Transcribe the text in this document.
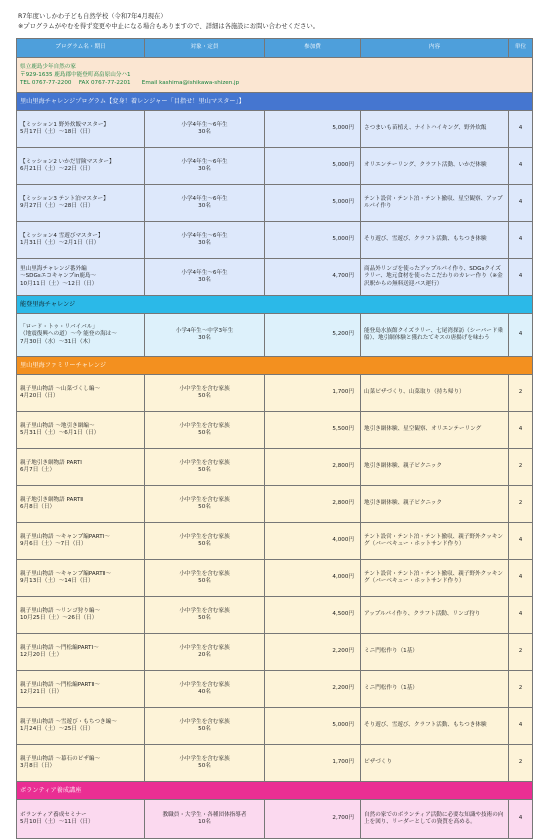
R7年度いしかわ子ども自然学校（令和7年4月現在）
※プログラムがやむを得ず変更や中止になる場合もありますので、詳細は各施設にお問い合わせください。
プログラム名・期日	対象・定員	参加費	内容	単位

県立鹿島少年自然の家
〒929-1635 鹿島郡中能登町髙畠原山分ハ1
TEL 0767-77-2200　 FAX 0767-77-2201　　Email kashima@ishikawa-shizen.jp				

里山里海チャレンジプログラム【変身！着レンジャー「目指せ！里山マスター」】				

【ミッション1 野外炊飯マスター】
5月17日（土）～18日（日）	小学4年生～6年生
30名	5,000円	さつまいも苗植え、ナイトハイキング、野外炊飯	4

【ミッション2 いかだ冒険マスター】
6月21日（土）～22日（日）	小学4年生～6年生
30名	5,000円	オリエンテーリング、クラフト活動、いかだ体験	4

【ミッション3 テント泊マスター】
9月27日（土）～28日（日）	小学4年生～6年生
30名	5,000円	テント設営・テント泊・テント撤収、星空観察、アップルパイ作り	4

【ミッション4 雪遊びマスター】
1月31日（土）～2月1日（日）	小学4年生～6年生
30名	5,000円	そり遊び、雪遊び、クラフト活動、もちつき体験	4

里山里海チャレンジ番外編
～SDGsエコキャンプin鹿島～
10月11日（土）～12日（日）	小学4年生～6年生
30名	4,700円	商品外リンゴを使ったアップルパイ作り、SDGsクイズラリー、地元食材を使ったこだわりのカレー作り（※金沢駅からの無料送迎バス運行）	4
能登里海チャレンジ				

「ロード・トゥ・リバイバル」
（地震復興への道）～今 能登の海は～
7月30日（水）～31日（木）	小学4年生～中学3年生
30名	5,200円	能登島水族館クイズラリー、七尾湾探訪（シーバード乗船）、地引網体験と獲れたてキスの唐揚げを味わう	4
里山里海ファミリーチャレンジ				

親子里山物語 ～山菜づくし編～
4月20日（日）	小中学生を含む家族
50名	1,700円	山菜ピザづくり、山菜取り（持ち帰り）	2

親子里山物語 ～地引き網編～
5月31日（土）～6月1日（日）	小中学生を含む家族
50名	5,500円	地引き網体験、星空観察、オリエンテーリング	4

親子地引き網物語 PARTⅠ
6月7日（土）	小中学生を含む家族
50名	2,800円	地引き網体験、親子ピクニック	2

親子地引き網物語 PARTⅡ
6月8日（日）	小中学生を含む家族
50名	2,800円	地引き網体験、親子ピクニック	2

親子里山物語 ～キャンプ編PARTⅠ～
9月6日（土）～7日（日）	小中学生を含む家族
50名	4,000円	テント設営・テント泊・テント撤収、親子野外クッキング（バーベキュー・ホットサンド作り）	4

親子里山物語 ～キャンプ編PARTⅡ～
9月13日（土）～14日（日）	小中学生を含む家族
50名	4,000円	テント設営・テント泊・テント撤収、親子野外クッキング（バーベキュー・ホットサンド作り）	4

親子里山物語 ～リンゴ狩り編～
10月25日（土）～26日（日）	小中学生を含む家族
50名	4,500円	アップルパイ作り、クラフト活動、リンゴ狩り	4

親子里山物語 ～門松編PARTⅠ～
12月20日（土）	小中学生を含む家族
20名	2,200円	ミニ門松作り（1基）	2

親子里山物語 ～門松編PARTⅡ～
12月21日（日）	小中学生を含む家族
40名	2,200円	ミニ門松作り（1基）	2

親子里山物語 ～雪遊び・もちつき編～
1月24日（土）～25日（日）	小中学生を含む家族
50名	5,000円	そり遊び、雪遊び、クラフト活動、もちつき体験	4

親子里山物語 ～幕石のピザ編～
3月8日（日）	小中学生を含む家族
50名	1,700円	ピザづくり	2
ボランティア養成講座				

ボランティア養成セミナー
5月10日（土）～11日（日）	教職員・大学生・各種団体指導者
10名	2,700円	自然の家でのボランティア活動に必要な知識や技術の向上を図り、リーダーとしての資質を高める。	4
